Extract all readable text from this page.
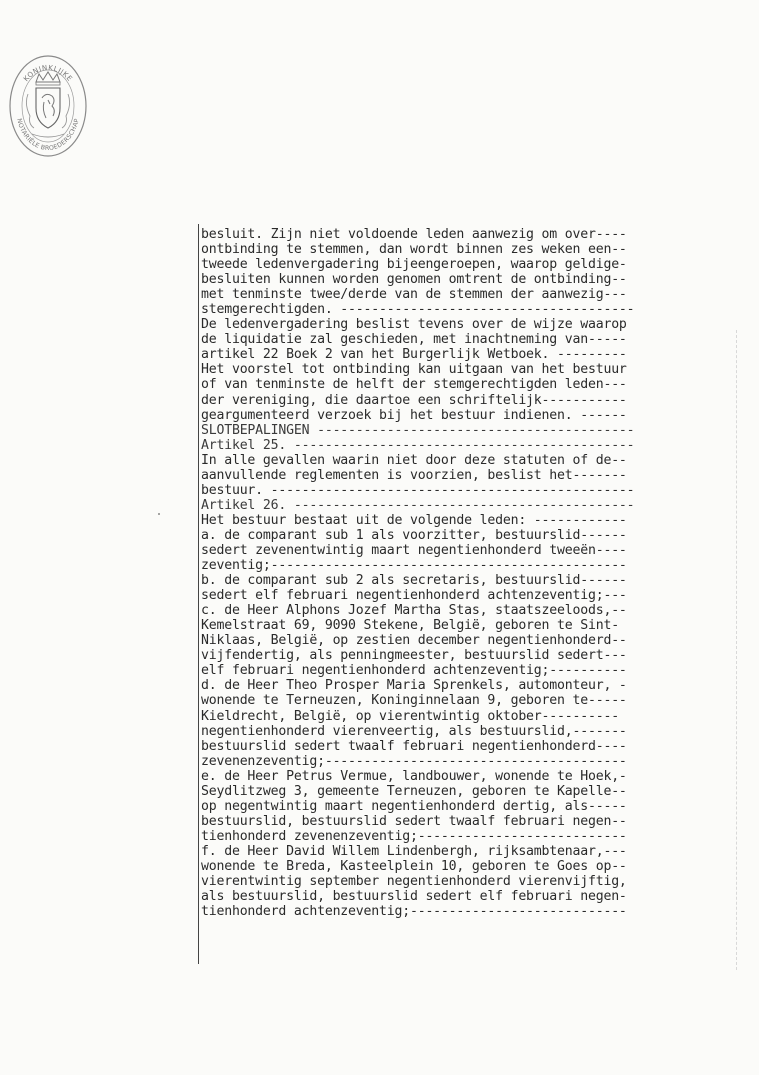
KONINKLIJKE
NOTARIËLE BROEDERSCHAP
besluit. Zijn niet voldoende leden aanwezig om over----
ontbinding te stemmen, dan wordt binnen zes weken een--
tweede ledenvergadering bijeengeroepen, waarop geldige-
besluiten kunnen worden genomen omtrent de ontbinding--
met tenminste twee/derde van de stemmen der aanwezig---
stemgerechtigden. --------------------------------------
De ledenvergadering beslist tevens over de wijze waarop
de liquidatie zal geschieden, met inachtneming van-----
artikel 22 Boek 2 van het Burgerlijk Wetboek. ---------
Het voorstel tot ontbinding kan uitgaan van het bestuur
of van tenminste de helft der stemgerechtigden leden---
der vereniging, die daartoe een schriftelijk-----------
geargumenteerd verzoek bij het bestuur indienen. ------
SLOTBEPALINGEN -----------------------------------------
Artikel 25. --------------------------------------------
In alle gevallen waarin niet door deze statuten of de--
aanvullende reglementen is voorzien, beslist het-------
bestuur. -----------------------------------------------
Artikel 26. --------------------------------------------
Het bestuur bestaat uit de volgende leden: ------------
a. de comparant sub 1 als voorzitter, bestuurslid------
sedert zevenentwintig maart negentienhonderd tweeën----
zeventig;----------------------------------------------
b. de comparant sub 2 als secretaris, bestuurslid------
sedert elf februari negentienhonderd achtenzeventig;---
c. de Heer Alphons Jozef Martha Stas, staatszeeloods,--
Kemelstraat 69, 9090 Stekene, België, geboren te Sint-
Niklaas, België, op zestien december negentienhonderd--
vijfendertig, als penningmeester, bestuurslid sedert---
elf februari negentienhonderd achtenzeventig;----------
d. de Heer Theo Prosper Maria Sprenkels, automonteur, -
wonende te Terneuzen, Koninginnelaan 9, geboren te-----
Kieldrecht, België, op vierentwintig oktober----------
negentienhonderd vierenveertig, als bestuurslid,-------
bestuurslid sedert twaalf februari negentienhonderd----
zevenenzeventig;---------------------------------------
e. de Heer Petrus Vermue, landbouwer, wonende te Hoek,-
Seydlitzweg 3, gemeente Terneuzen, geboren te Kapelle--
op negentwintig maart negentienhonderd dertig, als-----
bestuurslid, bestuurslid sedert twaalf februari negen--
tienhonderd zevenenzeventig;---------------------------
f. de Heer David Willem Lindenbergh, rijksambtenaar,---
wonende te Breda, Kasteelplein 10, geboren te Goes op--
vierentwintig september negentienhonderd vierenvijftig,
als bestuurslid, bestuurslid sedert elf februari negen-
tienhonderd achtenzeventig;----------------------------
